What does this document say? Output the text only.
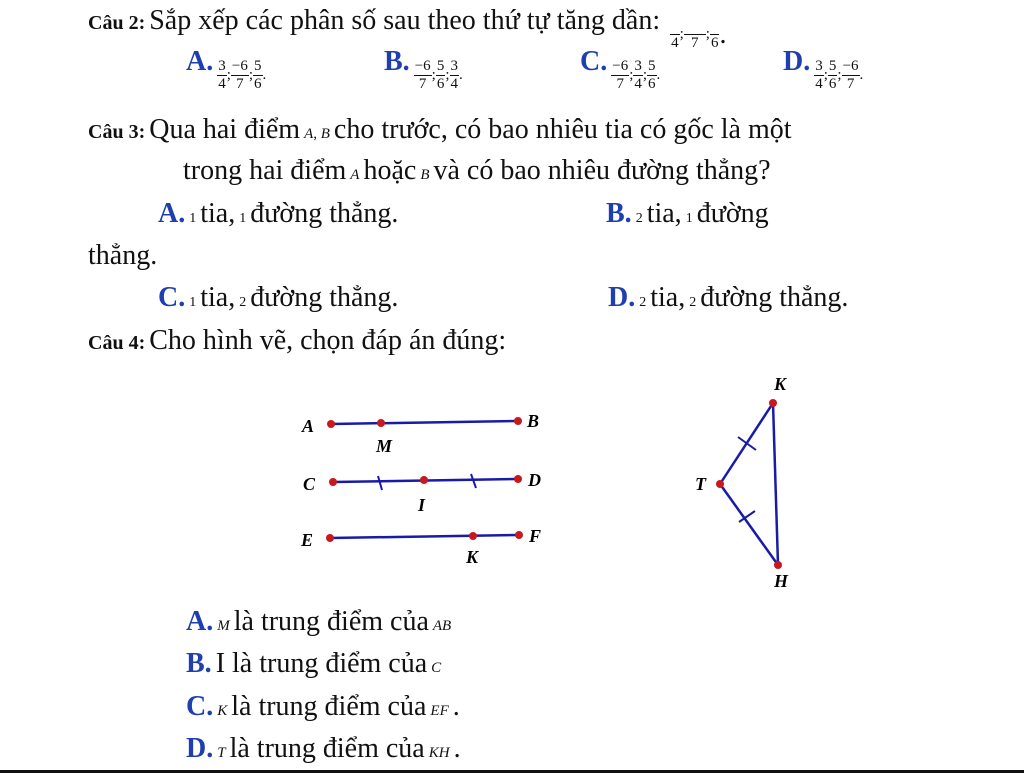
Câu 2: Sắp xếp các phân số sau theo thứ tự tăng dần:

4
;

7
;

6 .
A. $\frac{3}{4}$ ; $\frac{-6}{7}$ ; $\frac{5}{6}$ .	B. $\frac{-6}{7}$ ; $\frac{5}{6}$ ; $\frac{3}{4}$ .	C. $\frac{-6}{7}$ ; $\frac{3}{4}$ ; $\frac{5}{6}$ .	D. $\frac{3}{4}$ ; $\frac{5}{6}$ ; $\frac{-6}{7}$ .
Câu 3: Qua hai điểm A, B cho trước, có bao nhiêu tia có gốc là một
trong hai điểm A hoặc B và có bao nhiêu đường thẳng?
A. 1 tia, 1 đường thẳng.	B. 2 tia, 1 đường
thẳng.
C. 1 tia, 2 đường thẳng.	D. 2 tia, 2 đường thẳng.
Câu 4: Cho hình vẽ, chọn đáp án đúng:
A
M
B
C
I
D
E
K
F
K
T
H
A. M là trung điểm của AB
B. I là trung điểm của C
C. K là trung điểm của EF .
D. T là trung điểm của KH .
